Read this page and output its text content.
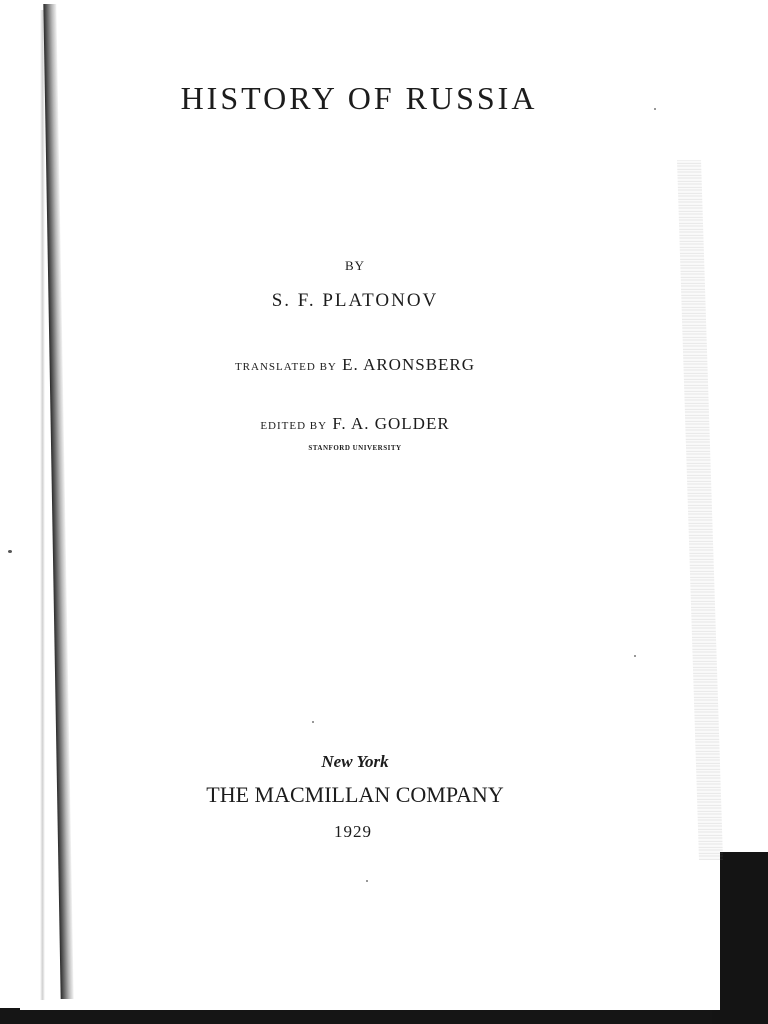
HISTORY OF RUSSIA
BY
S. F. PLATONOV
TRANSLATED BY E. ARONSBERG
EDITED BY F. A. GOLDER
STANFORD UNIVERSITY
New York
THE MACMILLAN COMPANY
1929
